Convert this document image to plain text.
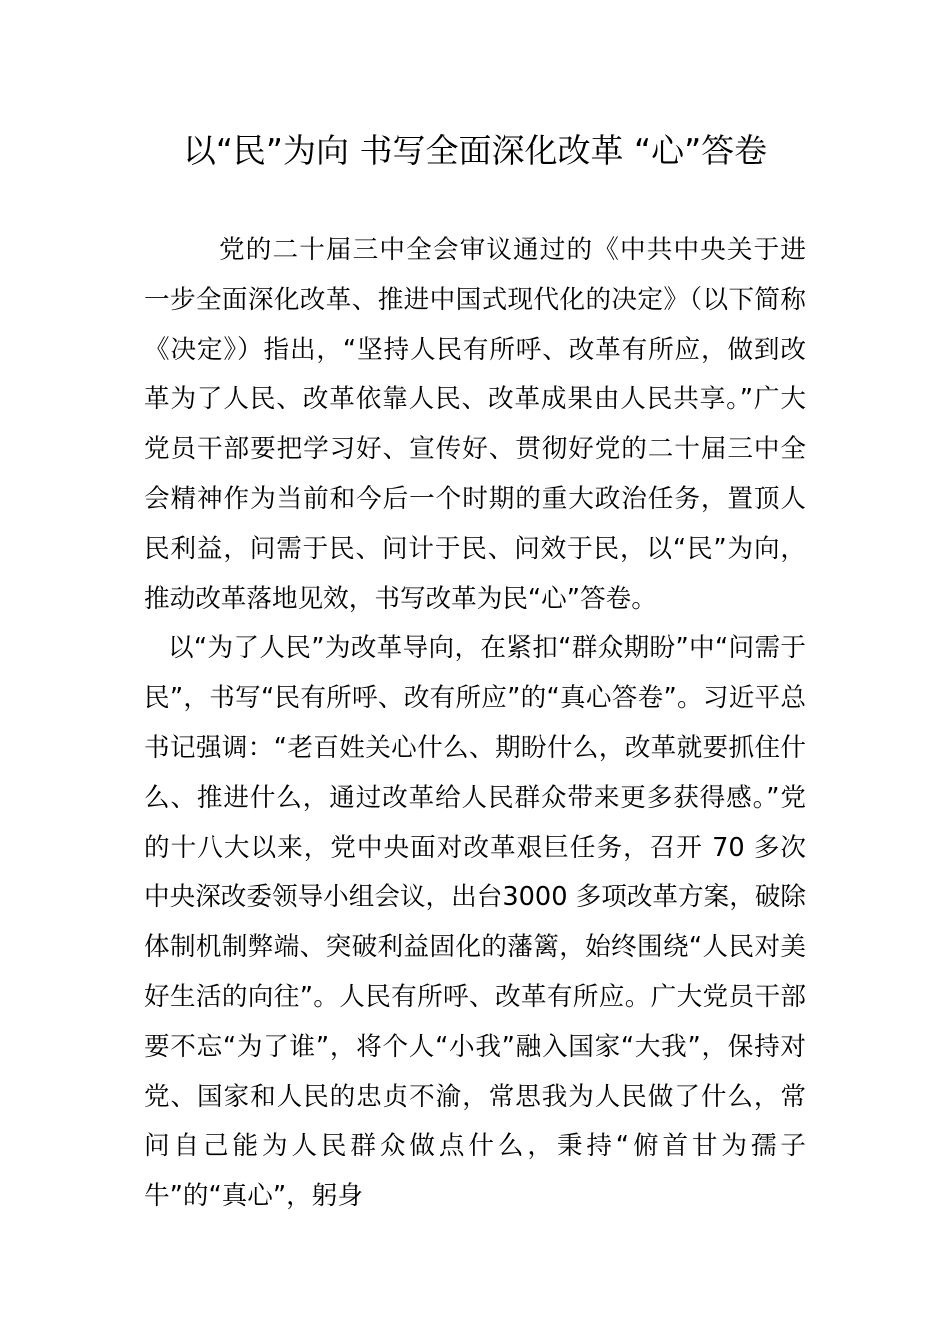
以“民”为向 书写全面深化改革 “心”答卷

党的二十届三中全会审议通过的《中共中央关于进一步全面深化改革、推进中国式现代化的决定》（以下简称《决定》）指出，“坚持人民有所呼、改革有所应，做到改革为了人民、改革依靠人民、改革成果由人民共享。”广大党员干部要把学习好、宣传好、贯彻好党的二十届三中全会精神作为当前和今后一个时期的重大政治任务，置顶人民利益，问需于民、问计于民、问效于民，以“民”为向，推动改革落地见效，书写改革为民“心”答卷。

以“为了人民”为改革导向，在紧扣“群众期盼”中“问需于民”，书写“民有所呼、改有所应”的“真心答卷”。习近平总书记强调：“老百姓关心什么、期盼什么，改革就要抓住什么、推进什么，通过改革给人民群众带来更多获得感。”党的十八大以来，党中央面对改革艰巨任务，召开 70 多次中央深改委领导小组会议，出台3000 多项改革方案，破除体制机制弊端、突破利益固化的藩篱，始终围绕“人民对美好生活的向往”。人民有所呼、改革有所应。广大党员干部要不忘“为了谁”，将个人“小我”融入国家“大我”，保持对党、国家和人民的忠贞不渝，常思我为人民做了什么，常问自己能为人民群众做点什么，秉持“俯首甘为孺子牛”的“真心”，躬身
